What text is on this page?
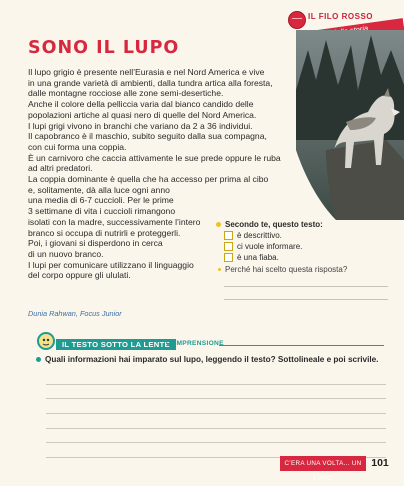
IL FILO ROSSO
SONO IL LUPO

Il lupo grigio è presente nell’Eurasia e nel Nord America e vive

in una grande varietà di ambienti, dalla tundra artica alla foresta,

dalle montagne rocciose alle zone semi-desertiche.

Anche il colore della pelliccia varia dal bianco candido delle

popolazioni artiche al quasi nero di quelle del Nord America.

I lupi grigi vivono in branchi che variano da 2 a 36 individui.

Il capobranco è il maschio, subito seguito dalla sua compagna,

con cui forma una coppia.

È un carnivoro che caccia attivamente le sue prede oppure le ruba

ad altri predatori.

La coppia dominante è quella che ha accesso per prima al cibo

e, solitamente, dà alla luce ogni anno

una media di 6-7 cuccioli. Per le prime

3 settimane di vita i cuccioli rimangono

isolati con la madre, successivamente l’intero

branco si occupa di nutrirli e proteggerli.

Poi, i giovani si disperdono in cerca

di un nuovo branco.

I lupi per comunicare utilizzano il linguaggio

del corpo oppure gli ululati.

Dunia Rahwan, Focus Junior
Secondo te, questo testo:
è descrittivo.
ci vuole informare.
è una fiaba.
Perché hai scelto questa risposta?
IL TESTO SOTTO LA LENTE
COMPRENSIONE
Quali informazioni hai imparato sul lupo, leggendo il testo? Sottolineale e poi scrivile.
C’ERA UNA VOLTA... UN LUPO
101
